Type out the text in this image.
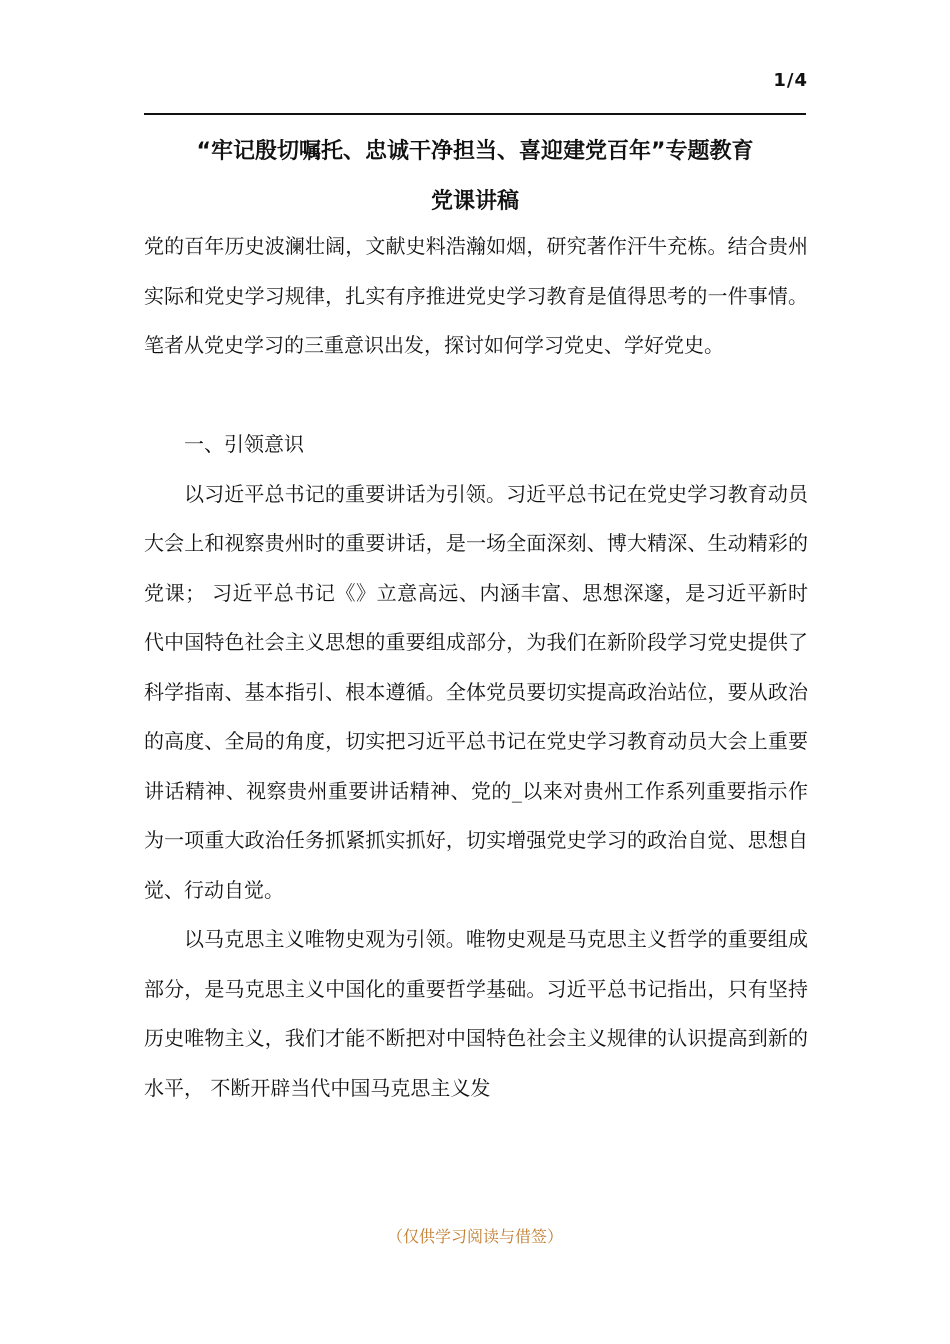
1/4
“牢记殷切嘱托、忠诚干净担当、喜迎建党百年”专题教育
党课讲稿

党的百年历史波澜壮阔，文献史料浩瀚如烟，研究著作汗牛充栋。结合贵州实际和党史学习规律，扎实有序推进党史学习教育是值得思考的一件事情。笔者从党史学习的三重意识出发，探讨如何学习党史、学好党史。

一、引领意识

以习近平总书记的重要讲话为引领。习近平总书记在党史学习教育动员大会上和视察贵州时的重要讲话，是一场全面深刻、博大精深、生动精彩的党课； 习近平总书记《》立意高远、内涵丰富、思想深邃，是习近平新时代中国特色社会主义思想的重要组成部分，为我们在新阶段学习党史提供了科学指南、基本指引、根本遵循。全体党员要切实提高政治站位，要从政治的高度、全局的角度，切实把习近平总书记在党史学习教育动员大会上重要讲话精神、视察贵州重要讲话精神、党的_以来对贵州工作系列重要指示作为一项重大政治任务抓紧抓实抓好，切实增强党史学习的政治自觉、思想自觉、行动自觉。

以马克思主义唯物史观为引领。唯物史观是马克思主义哲学的重要组成部分，是马克思主义中国化的重要哲学基础。习近平总书记指出，只有坚持历史唯物主义，我们才能不断把对中国特色社会主义规律的认识提高到新的水平， 不断开辟当代中国马克思主义发

（仅供学习阅读与借签）
